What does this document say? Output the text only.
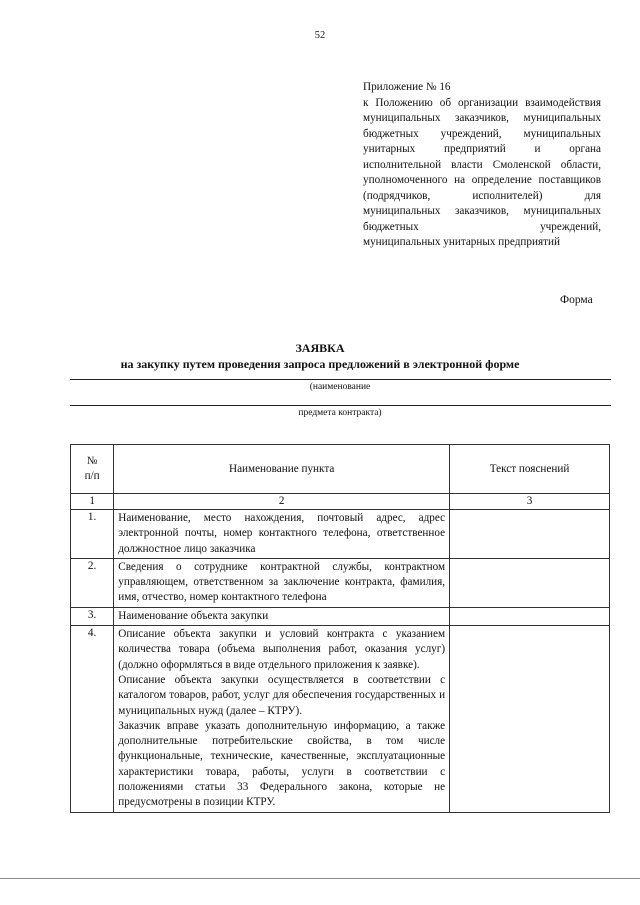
52
Приложение № 16
к Положению об организации взаимодействия муниципальных заказчиков, муниципальных бюджетных учреждений, муниципальных унитарных предприятий и органа исполнительной власти Смоленской области, уполномоченного на определение поставщиков (подрядчиков, исполнителей) для муниципальных заказчиков, муниципальных бюджетных учреждений,
муниципальных унитарных предприятий
Форма
ЗАЯВКА
на закупку путем проведения запроса предложений в электронной форме
(наименование
предмета контракта)
№
п/п	Наименование пункта	Текст пояснений
1	2	3
1.	Наименование, место нахождения, почтовый адрес, адрес электронной почты, номер контактного телефона, ответственное должностное лицо заказчика	
2.	Сведения о сотруднике контрактной службы, контрактном управляющем, ответственном за заключение контракта, фамилия, имя, отчество, номер контактного телефона	
3.	Наименование объекта закупки	
4.	Описание объекта закупки и условий контракта с указанием количества товара (объема выполнения работ, оказания услуг) (должно оформляться в виде отдельного приложения к заявке).
Описание объекта закупки осуществляется в соответствии с каталогом товаров, работ, услуг для обеспечения государственных и муниципальных нужд (далее – КТРУ).
Заказчик вправе указать дополнительную информацию, а также дополнительные потребительские свойства, в том числе функциональные, технические, качественные, эксплуатационные характеристики товара, работы, услуги в соответствии с положениями статьи 33 Федерального закона, которые не предусмотрены в позиции КТРУ.	
